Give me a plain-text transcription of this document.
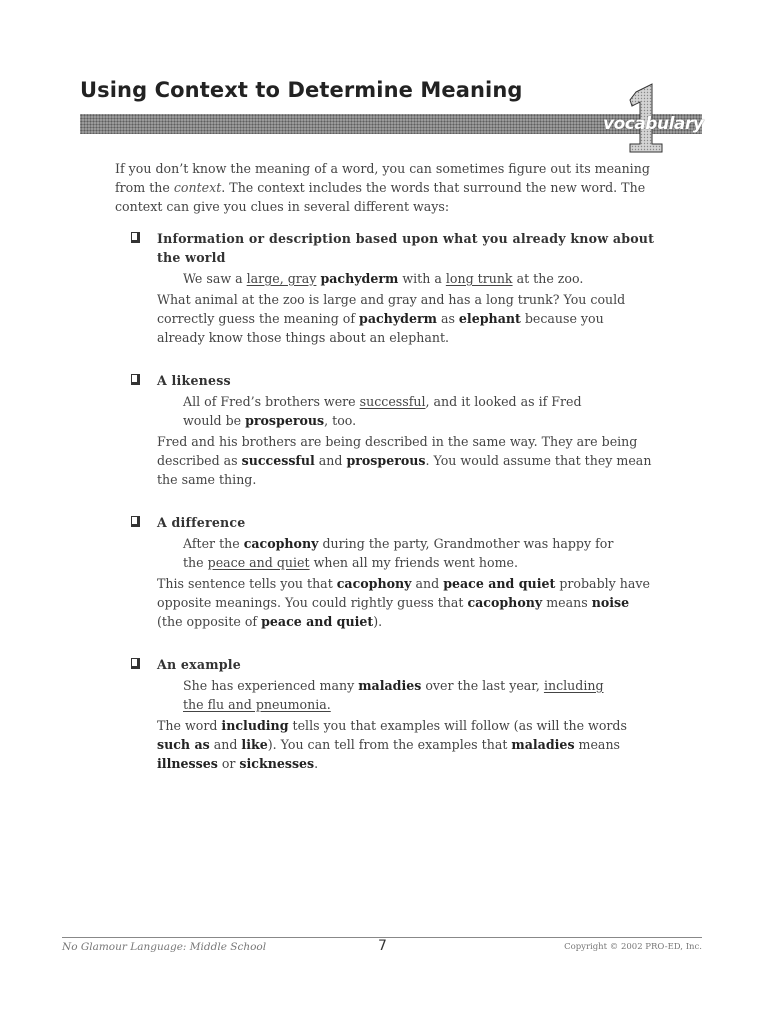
Using Context to Determine Meaning
vocabulary

If you don’t know the meaning of a word, you can sometimes figure out its meaning from the context. The context includes the words that surround the new word. The context can give you clues in several different ways:

Information or description based upon what you already know about the world
We saw a large, gray pachyderm with a long trunk at the zoo.
What animal at the zoo is large and gray and has a long trunk? You could correctly guess the meaning of pachyderm as elephant because you already know those things about an elephant.
A likeness
All of Fred’s brothers were successful, and it looked as if Fred would be prosperous, too.
Fred and his brothers are being described in the same way. They are being described as successful and prosperous. You would assume that they mean the same thing.
A difference
After the cacophony during the party, Grandmother was happy for the peace and quiet when all my friends went home.
This sentence tells you that cacophony and peace and quiet probably have opposite meanings. You could rightly guess that cacophony means noise (the opposite of peace and quiet).
An example
She has experienced many maladies over the last year, including the flu and pneumonia.
The word including tells you that examples will follow (as will the words such as and like). You can tell from the examples that maladies means illnesses or sicknesses.
No Glamour Language: Middle School	7	Copyright © 2002 PRO-ED, Inc.
